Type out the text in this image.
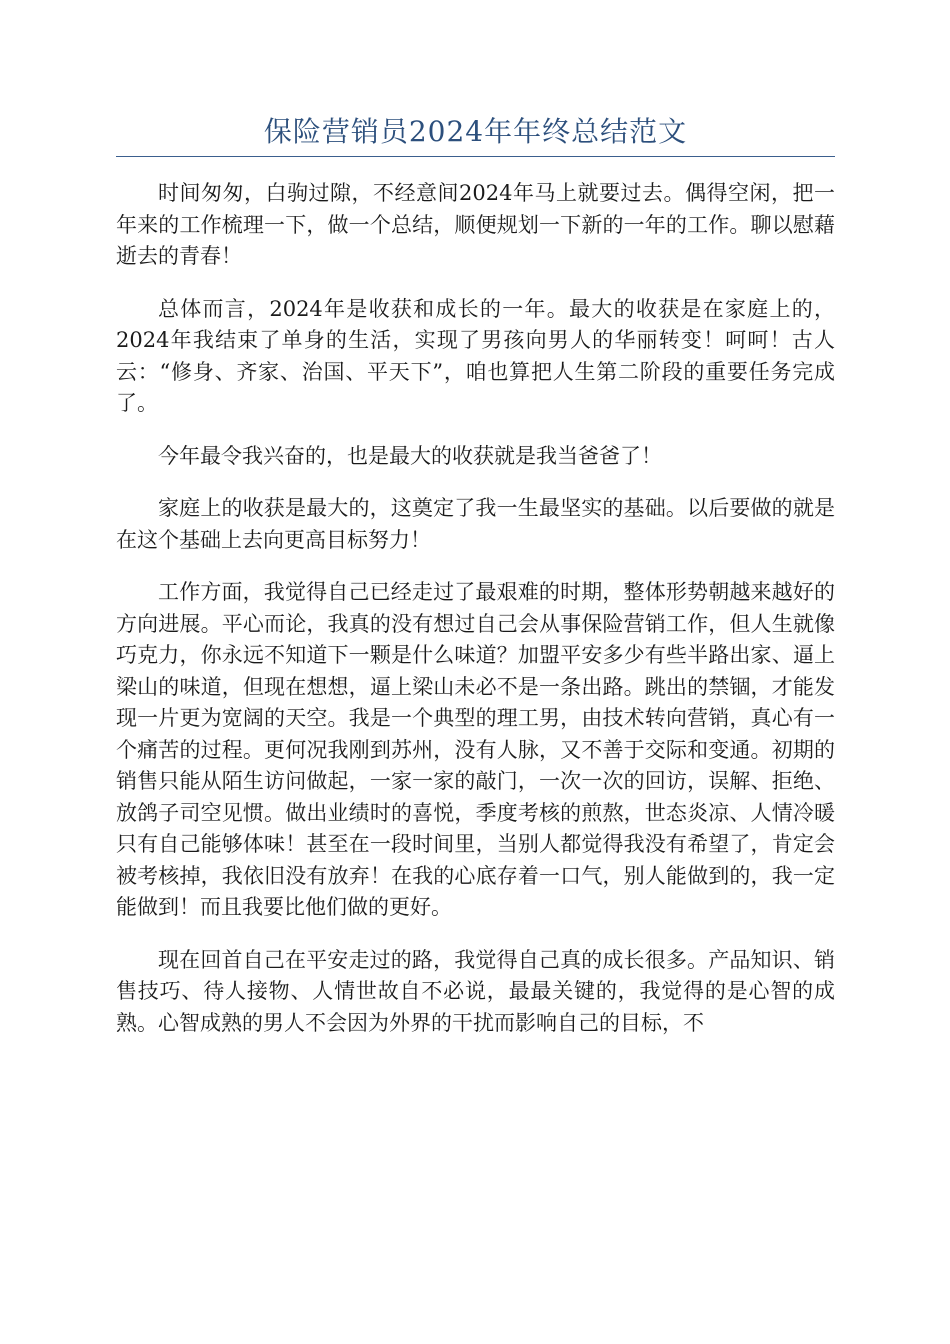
保险营销员2024年年终总结范文

时间匆匆，白驹过隙，不经意间2024年马上就要过去。偶得空闲，把一年来的工作梳理一下，做一个总结，顺便规划一下新的一年的工作。聊以慰藉逝去的青春！

总体而言，2024年是收获和成长的一年。最大的收获是在家庭上的，2024年我结束了单身的生活，实现了男孩向男人的华丽转变！呵呵！古人云：“修身、齐家、治国、平天下”，咱也算把人生第二阶段的重要任务完成了。

今年最令我兴奋的，也是最大的收获就是我当爸爸了！

家庭上的收获是最大的，这奠定了我一生最坚实的基础。以后要做的就是在这个基础上去向更高目标努力！

工作方面，我觉得自己已经走过了最艰难的时期，整体形势朝越来越好的方向进展。平心而论，我真的没有想过自己会从事保险营销工作，但人生就像巧克力，你永远不知道下一颗是什么味道？加盟平安多少有些半路出家、逼上梁山的味道，但现在想想，逼上梁山未必不是一条出路。跳出的禁锢，才能发现一片更为宽阔的天空。我是一个典型的理工男，由技术转向营销，真心有一个痛苦的过程。更何况我刚到苏州，没有人脉，又不善于交际和变通。初期的销售只能从陌生访问做起，一家一家的敲门，一次一次的回访，误解、拒绝、放鸽子司空见惯。做出业绩时的喜悦，季度考核的煎熬，世态炎凉、人情冷暖只有自己能够体味！甚至在一段时间里，当别人都觉得我没有希望了，肯定会被考核掉，我依旧没有放弃！在我的心底存着一口气，别人能做到的，我一定能做到！而且我要比他们做的更好。

现在回首自己在平安走过的路，我觉得自己真的成长很多。产品知识、销售技巧、待人接物、人情世故自不必说，最最关键的，我觉得的是心智的成熟。心智成熟的男人不会因为外界的干扰而影响自己的目标，不
